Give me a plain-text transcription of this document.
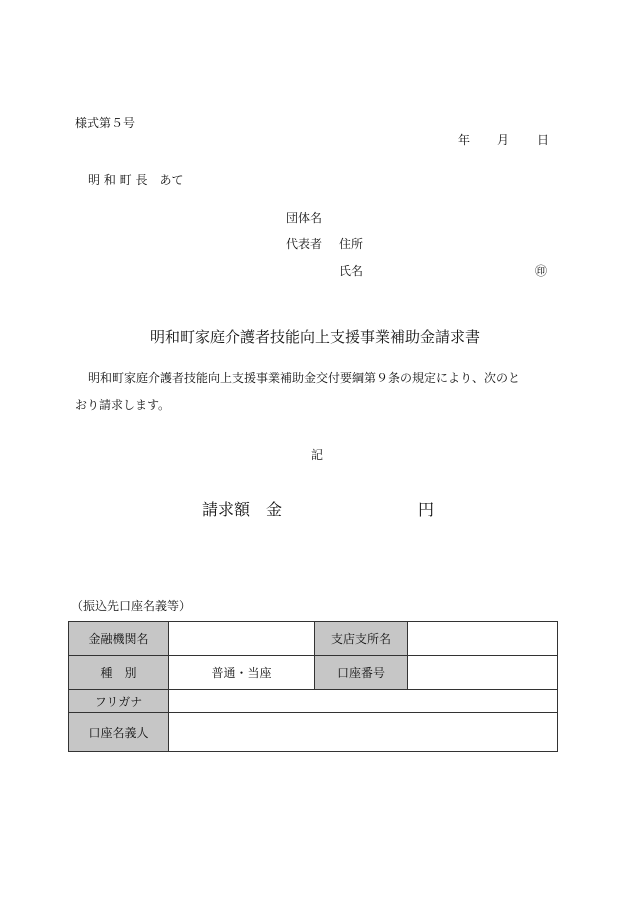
様式第５号
年 月 日
明 和 町 長　あて
団体名
代表者 住所
氏名	㊞
明和町家庭介護者技能向上支援事業補助金請求書
明和町家庭介護者技能向上支援事業補助金交付要綱第９条の規定により、次のと
おり請求します。
記
請求額　金	円
（振込先口座名義等）
金融機関名		支店支所名	
種　別	普通・当座	口座番号	
フリガナ			
口座名義人			
